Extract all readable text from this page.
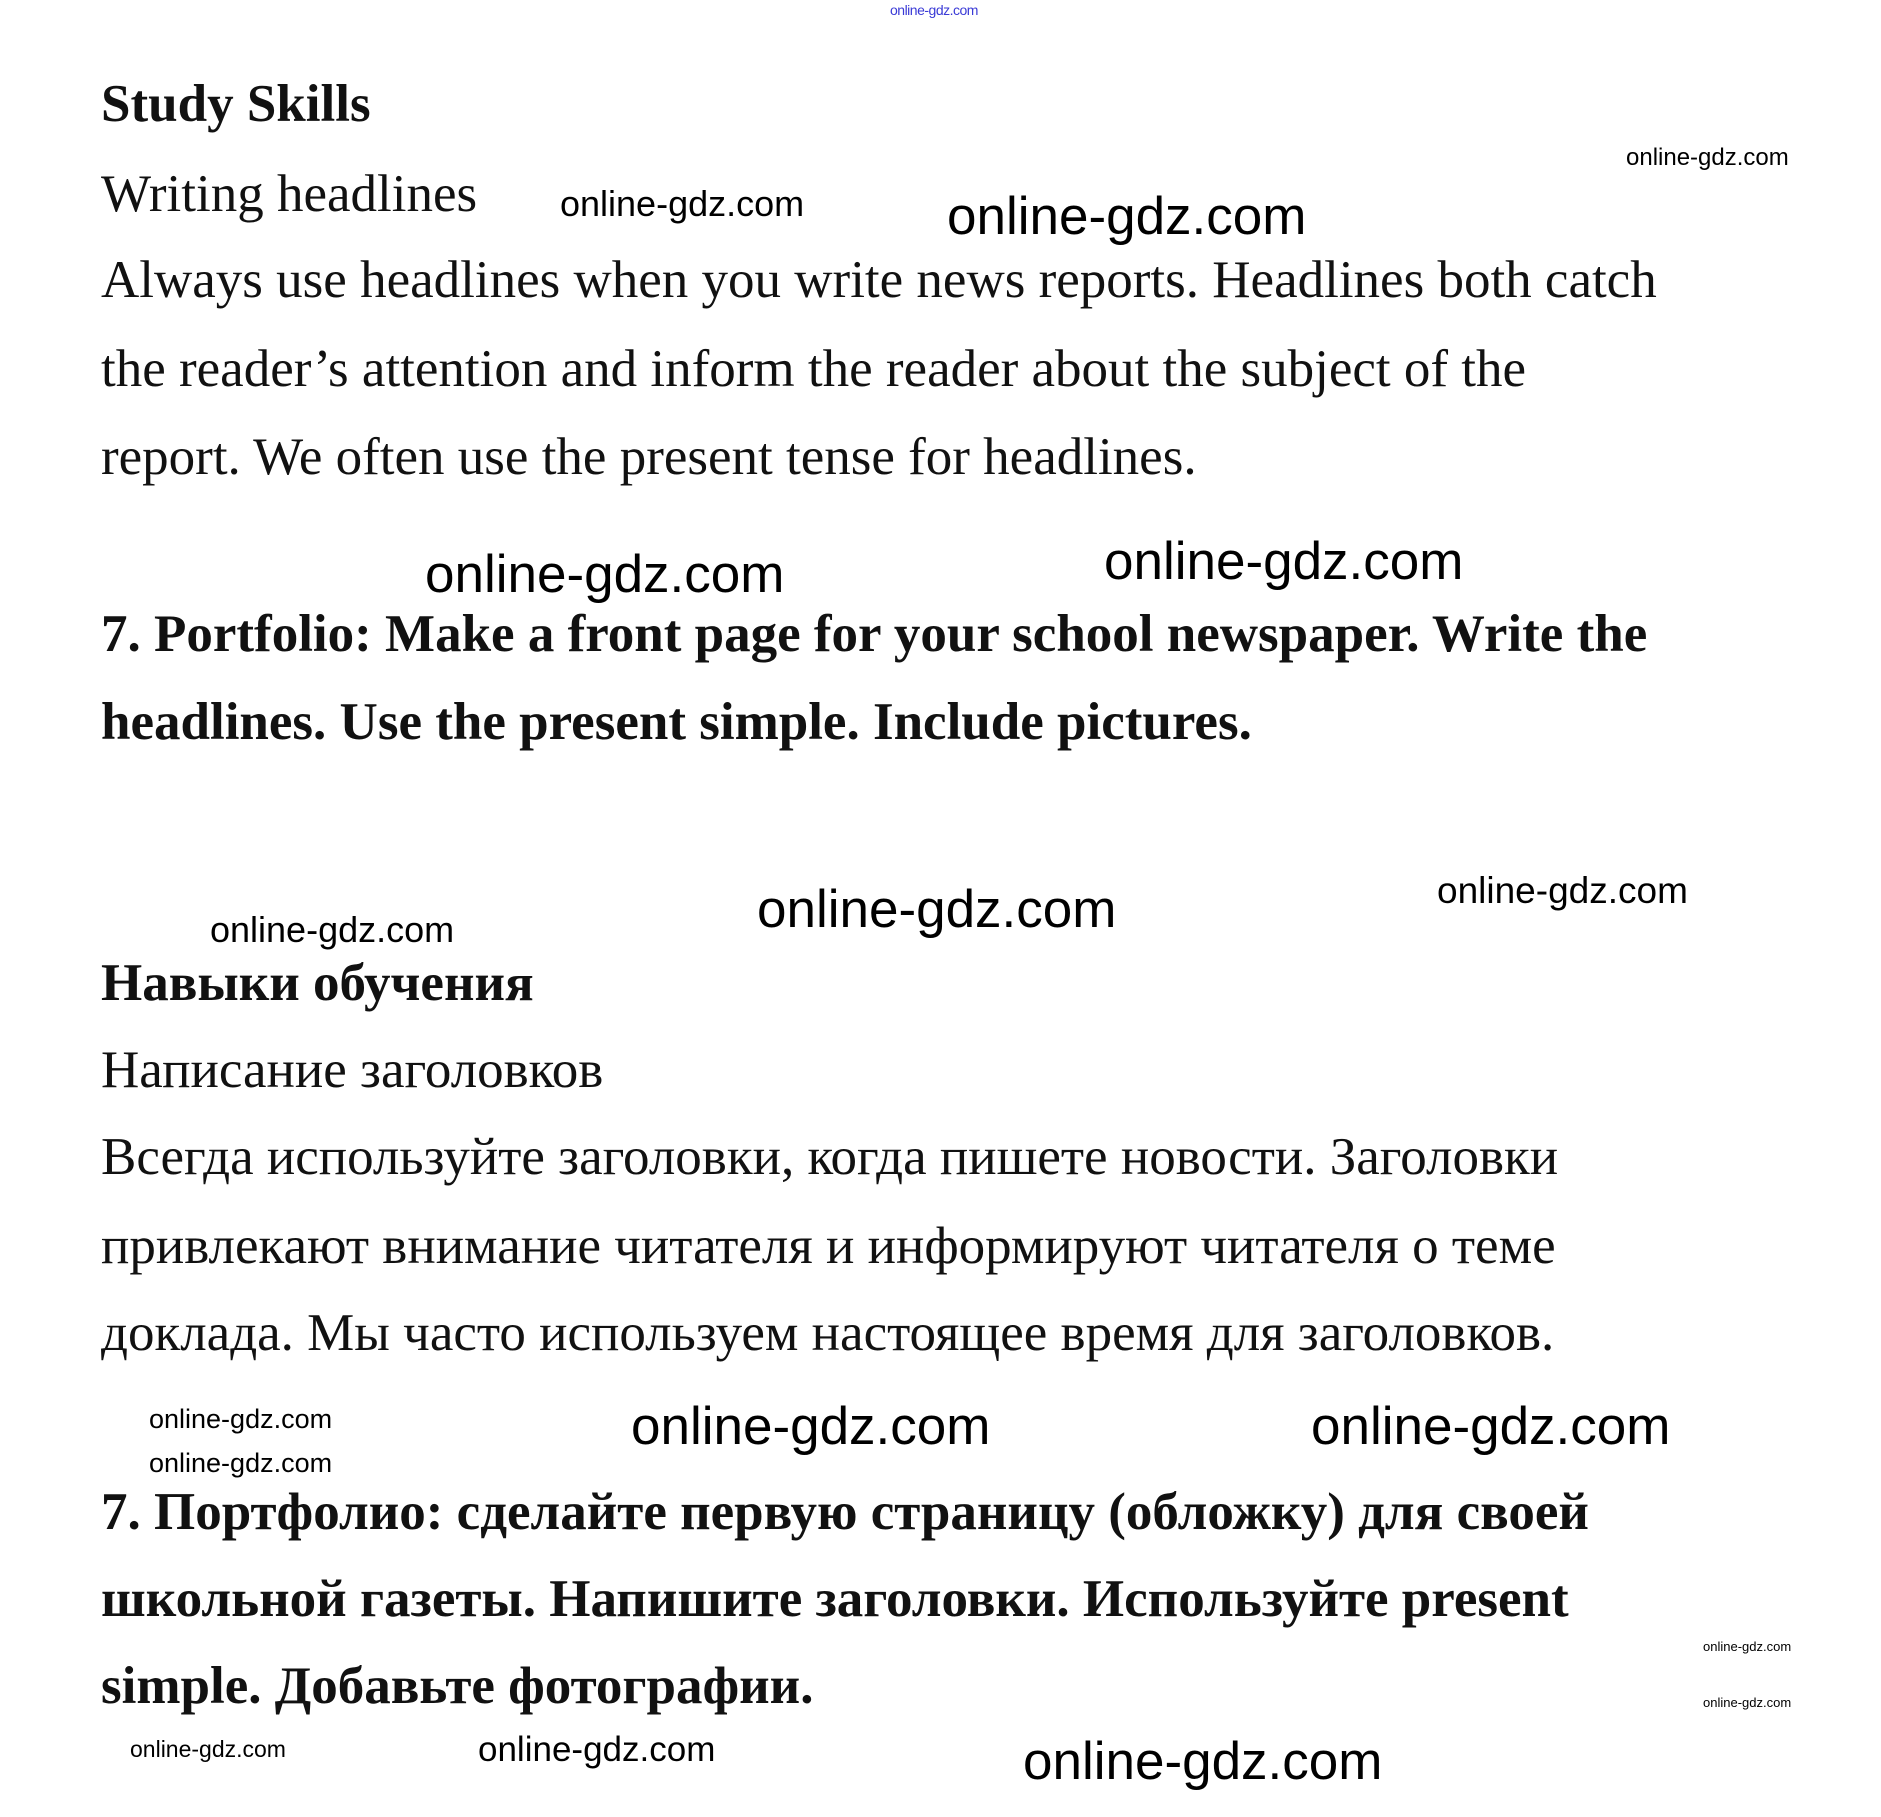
Study Skills
Writing headlines
Always use headlines when you write news reports. Headlines both catch
the reader’s attention and inform the reader about the subject of the
report. We often use the present tense for headlines.
7. Portfolio: Make a front page for your school newspaper. Write the
headlines. Use the present simple. Include pictures.
Навыки обучения
Написание заголовков
Всегда используйте заголовки, когда пишете новости. Заголовки
привлекают внимание читателя и информируют читателя о теме
доклада. Мы часто используем настоящее время для заголовков.
7. Портфолио: сделайте первую страницу (обложку) для своей
школьной газеты. Напишите заголовки. Используйте present
simple. Добавьте фотографии.
online-gdz.com
online-gdz.com
online-gdz.com	online-gdz.com
online-gdz.com	online-gdz.com
online-gdz.com	online-gdz.com
online-gdz.com
online-gdz.com
online-gdz.com	online-gdz.com
online-gdz.com
online-gdz.com	online-gdz.com	online-gdz.com
online-gdz.com
online-gdz.com
